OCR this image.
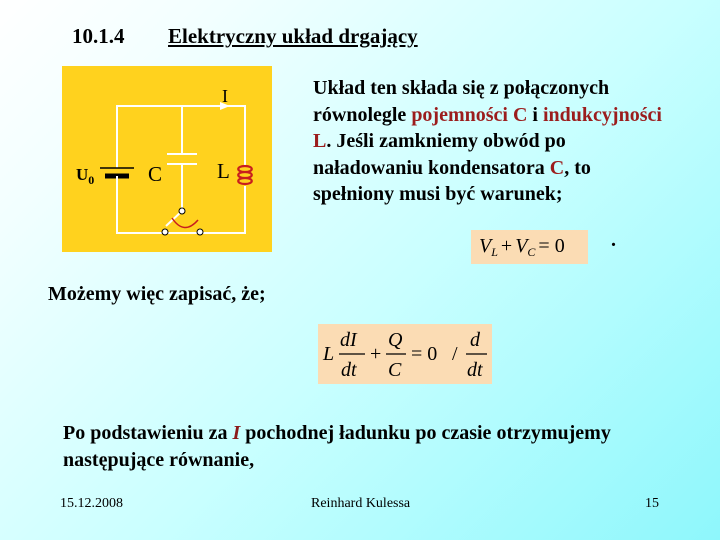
10.1.4 Elektryczny układ drgający
I
$U_0$	C	L
Układ ten składa się z połączonych równolegle pojemności C i indukcyjności L. Jeśli zamkniemy obwód po naładowaniu kondensatora C, to spełniony musi być warunek;
$V_L + V_C = 0$ .
Możemy więc zapisać, że;
L
dI
dt
+
Q
C
= 0 /
d
dt
Po podstawieniu za I pochodnej ładunku po czasie otrzymujemy następujące równanie,
15.12.2008	Reinhard Kulessa	15
